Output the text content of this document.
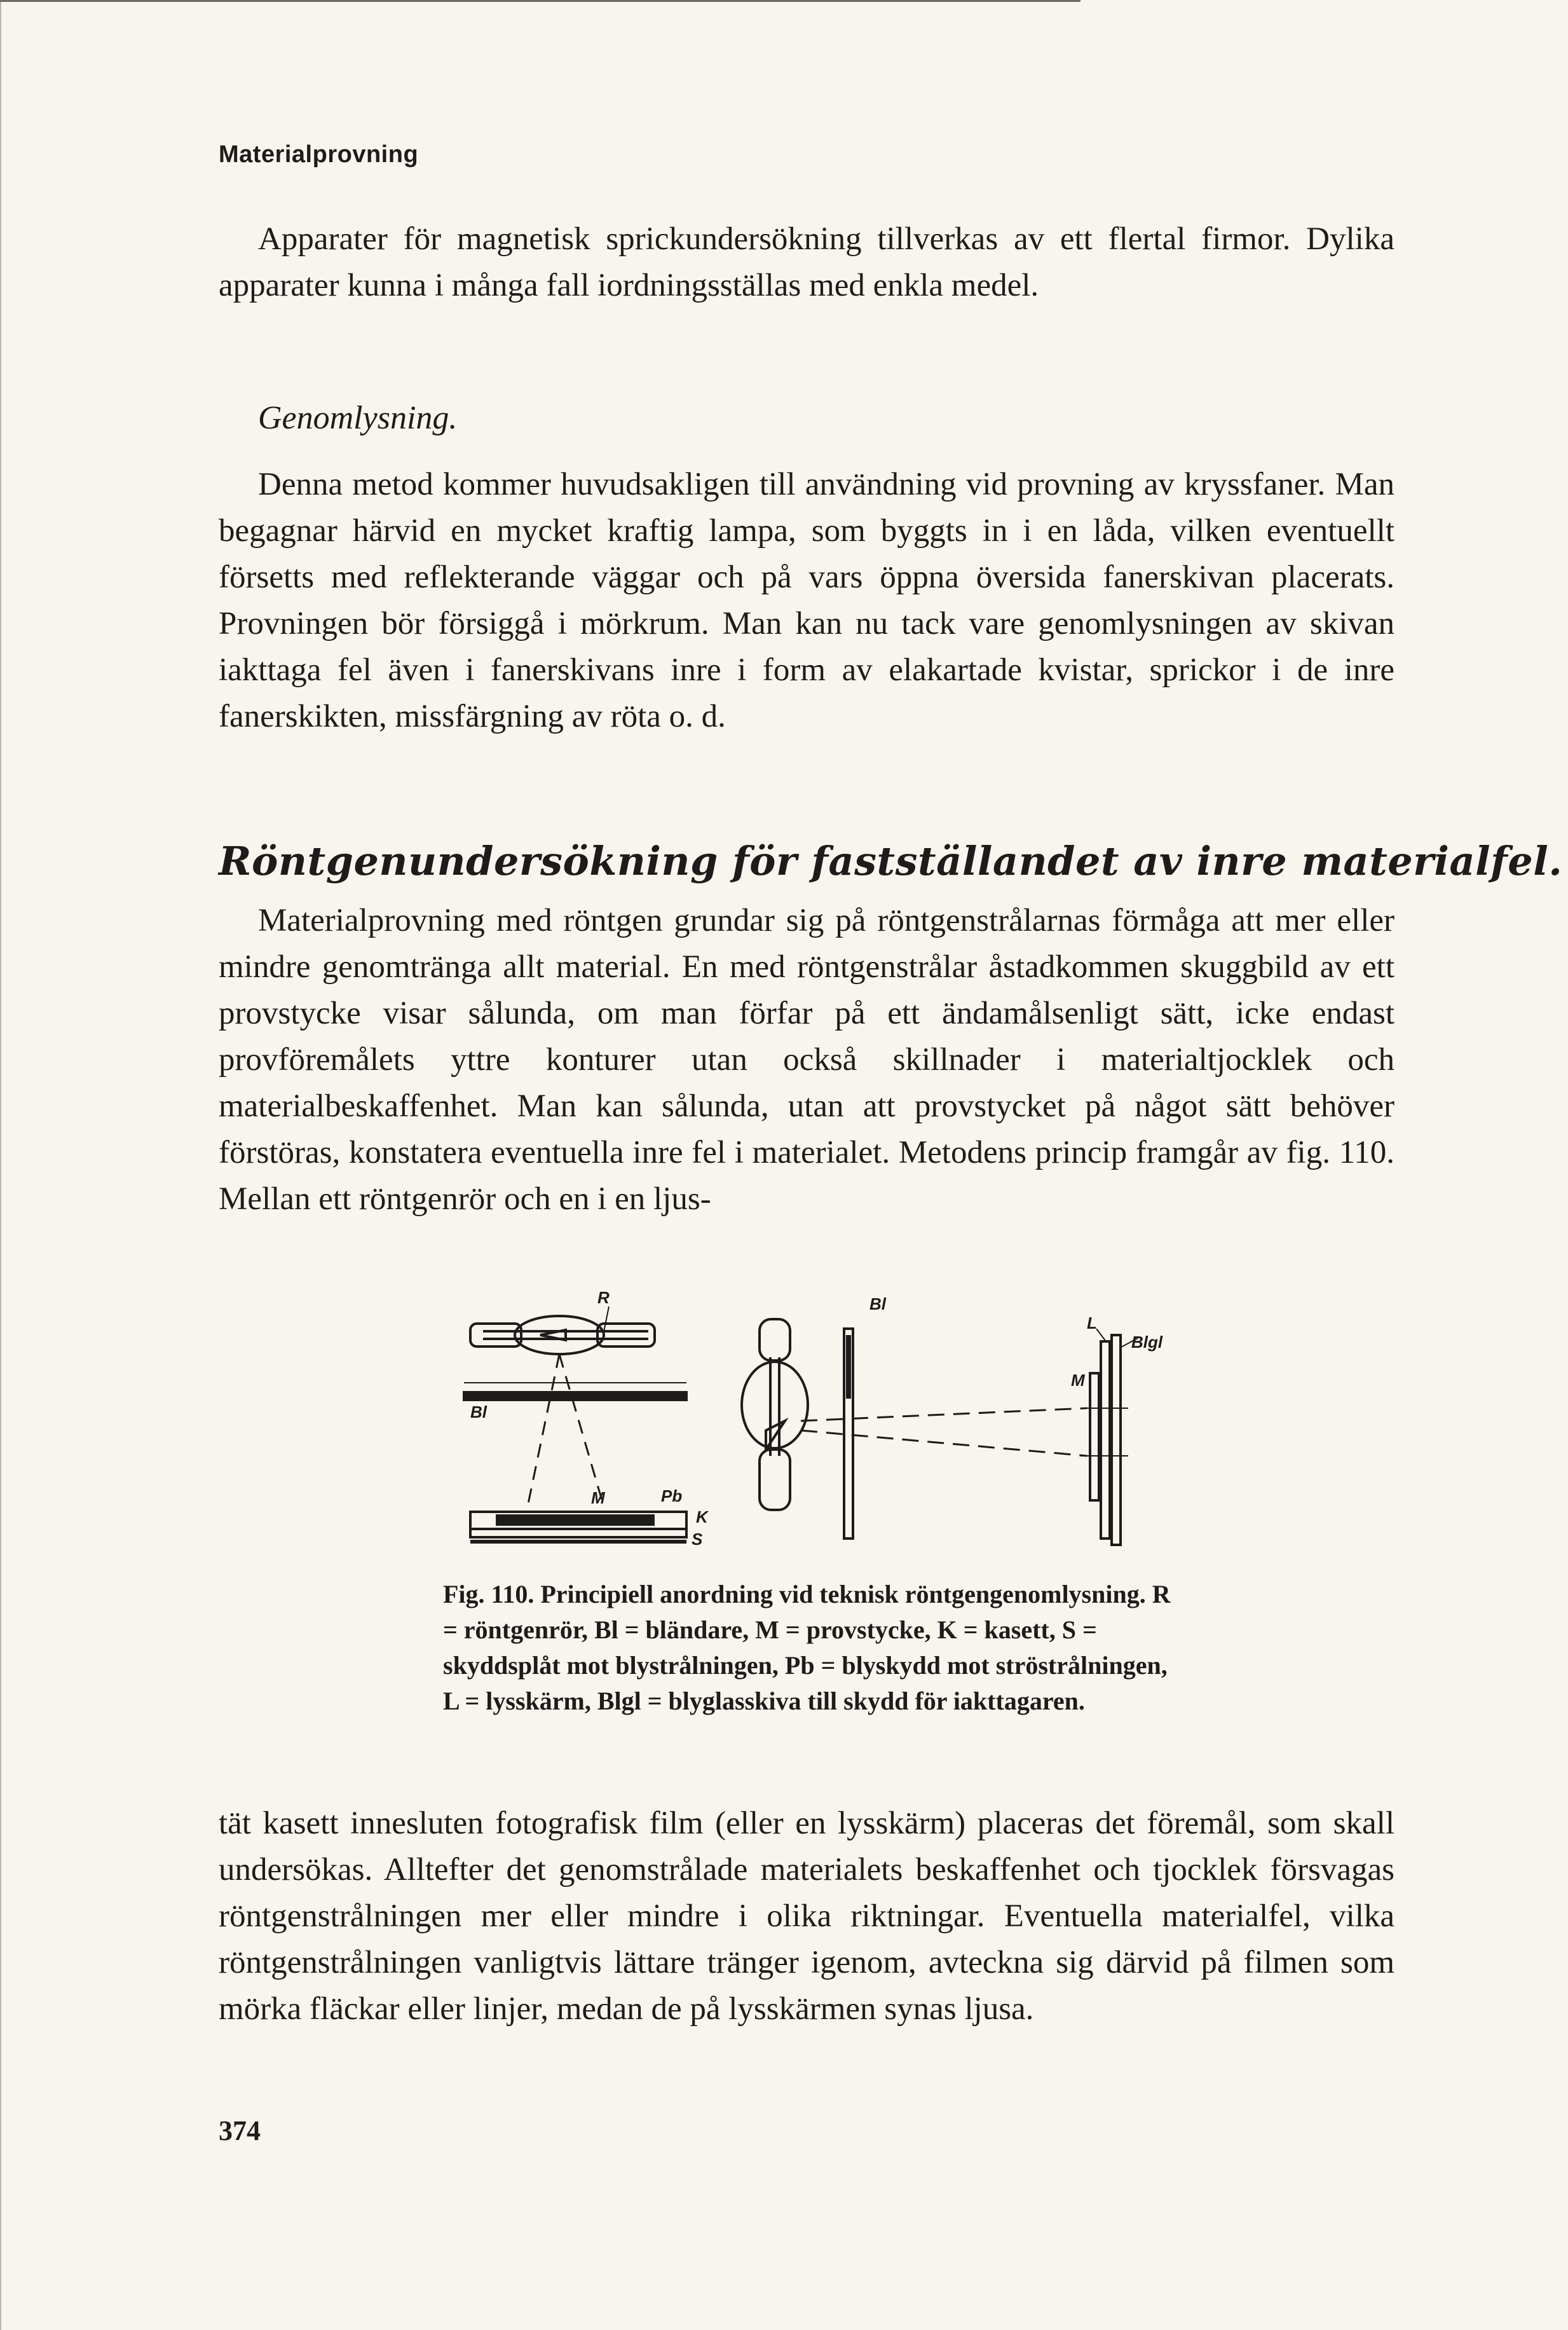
Materialprovning

Apparater för magnetisk sprickundersökning tillverkas av ett flertal firmor. Dylika apparater kunna i många fall iordningsställas med enkla medel.

Genomlysning.

Denna metod kommer huvudsakligen till användning vid provning av kryssfaner. Man begagnar härvid en mycket kraftig lampa, som byggts in i en låda, vilken eventuellt försetts med reflekterande väggar och på vars öppna översida fanerskivan placerats. Provningen bör försiggå i mörkrum. Man kan nu tack vare genomlysningen av skivan iakttaga fel även i fanerskivans inre i form av elakartade kvistar, sprickor i de inre fanerskikten, missfärgning av röta o. d.

Röntgenundersökning för fastställandet av inre materialfel.

Materialprovning med röntgen grundar sig på röntgenstrålarnas förmåga att mer eller mindre genomtränga allt material. En med röntgenstrålar åstadkommen skuggbild av ett provstycke visar sålunda, om man förfar på ett ändamålsenligt sätt, icke endast provföremålets yttre konturer utan också skillnader i materialtjocklek och materialbeskaffenhet. Man kan sålunda, utan att provstycket på något sätt behöver förstöras, konstatera eventuella inre fel i materialet. Metodens princip framgår av fig. 110. Mellan ett röntgenrör och en i en ljus-

R
Bl
M	Pb
K
S
Bl
L
M
Blgl
Fig. 110. Principiell anordning vid teknisk röntgengenomlysning. R = röntgenrör, Bl = bländare, M = provstycke, K = kasett, S = skyddsplåt mot blystrålningen, Pb = blyskydd mot ströstrålningen, L = lysskärm, Blgl = blyglasskiva till skydd för iakttagaren.

tät kasett innesluten fotografisk film (eller en lysskärm) placeras det föremål, som skall undersökas. Alltefter det genomstrålade materialets beskaffenhet och tjocklek försvagas röntgenstrålningen mer eller mindre i olika riktningar. Eventuella materialfel, vilka röntgenstrålningen vanligtvis lättare tränger igenom, avteckna sig därvid på filmen som mörka fläckar eller linjer, medan de på lysskärmen synas ljusa.

374
